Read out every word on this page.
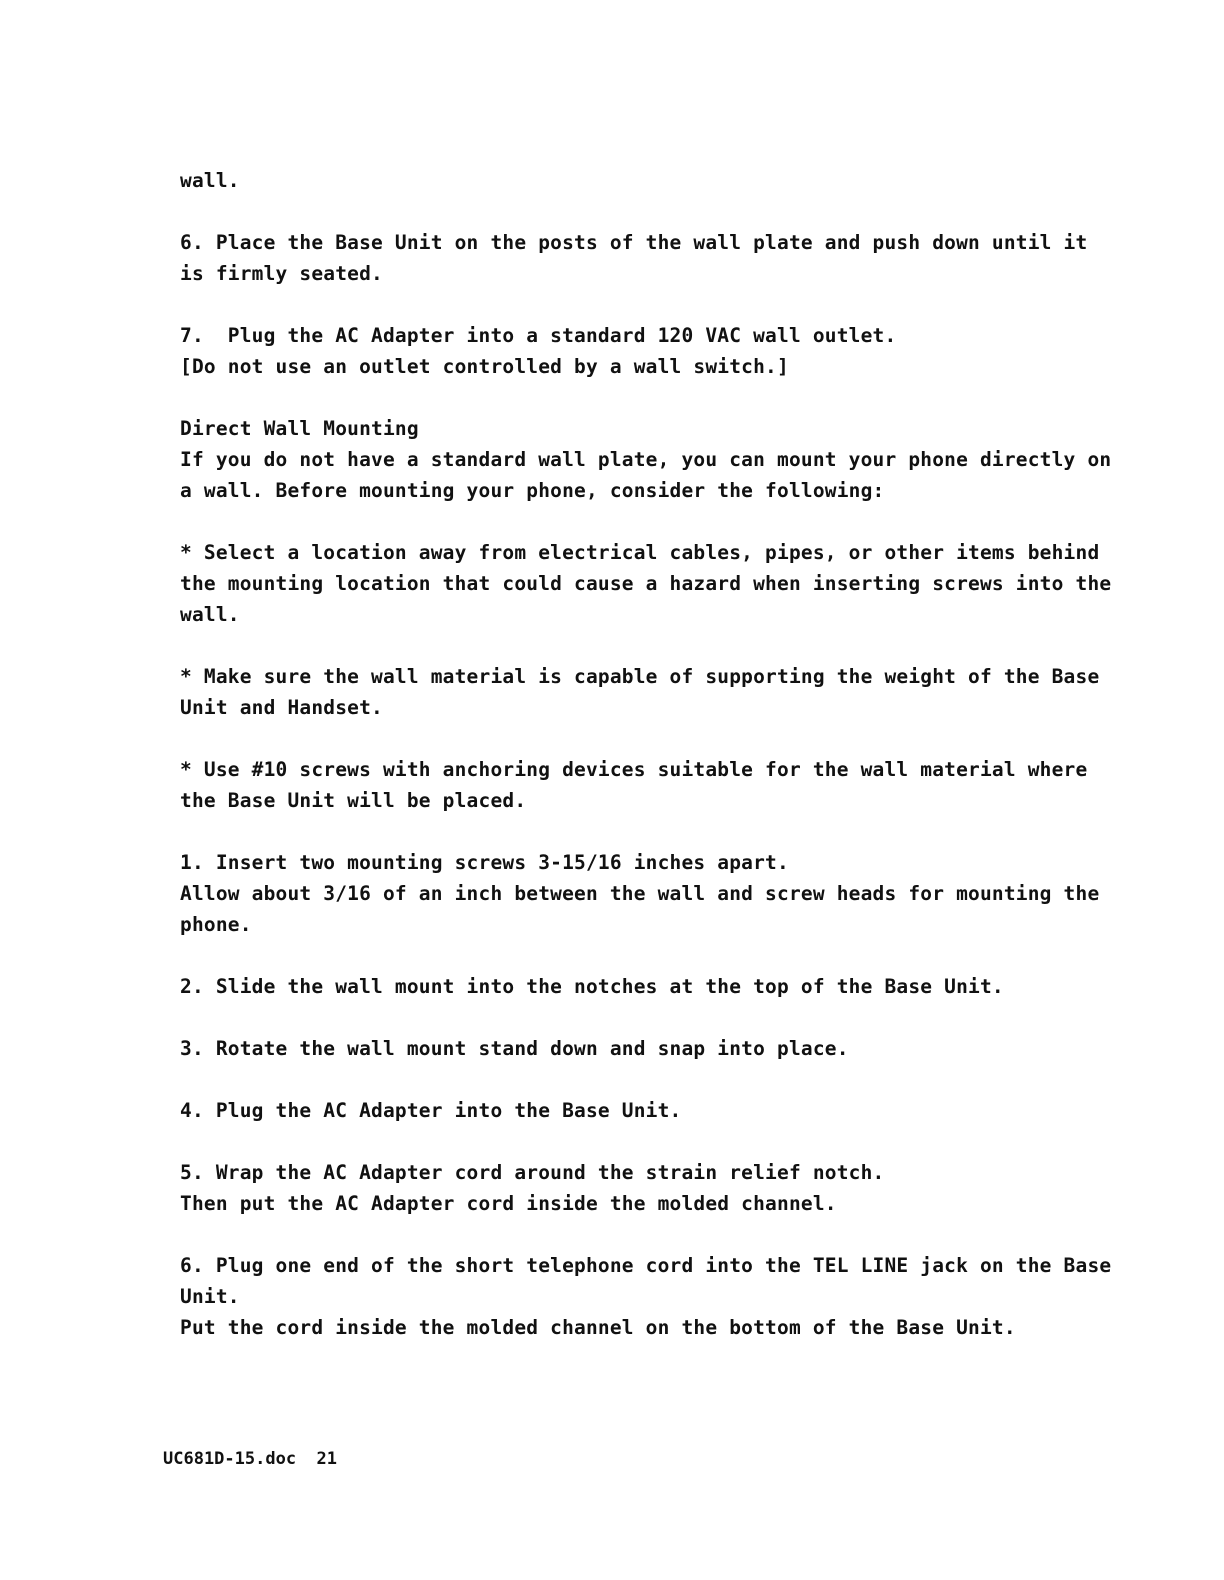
wall.
6. Place the Base Unit on the posts of the wall plate and push down until it
is firmly seated.
7.  Plug the AC Adapter into a standard 120 VAC wall outlet.
[Do not use an outlet controlled by a wall switch.]
Direct Wall Mounting
If you do not have a standard wall plate, you can mount your phone directly on
a wall. Before mounting your phone, consider the following:
* Select a location away from electrical cables, pipes, or other items behind
the mounting location that could cause a hazard when inserting screws into the
wall.
* Make sure the wall material is capable of supporting the weight of the Base
Unit and Handset.
* Use #10 screws with anchoring devices suitable for the wall material where
the Base Unit will be placed.
1. Insert two mounting screws 3-15/16 inches apart.
Allow about 3/16 of an inch between the wall and screw heads for mounting the
phone.
2. Slide the wall mount into the notches at the top of the Base Unit.
3. Rotate the wall mount stand down and snap into place.
4. Plug the AC Adapter into the Base Unit.
5. Wrap the AC Adapter cord around the strain relief notch.
Then put the AC Adapter cord inside the molded channel.
6. Plug one end of the short telephone cord into the TEL LINE jack on the Base
Unit.
Put the cord inside the molded channel on the bottom of the Base Unit.
UC681D-15.doc  21
